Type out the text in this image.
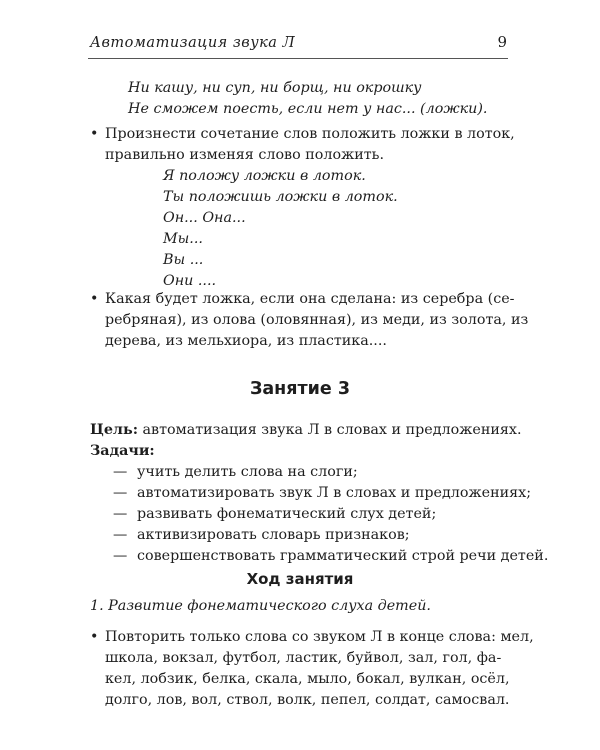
Автоматизация звука Л	9
Ни кашу, ни суп, ни борщ, ни окрошку
Не сможем поесть, если нет у нас... (ложки).
• Произнести сочетание слов положить ложки в лоток,
правильно изменяя слово положить.
Я положу ложки в лоток.
Ты положишь ложки в лоток.
Он... Она...
Мы...
Вы ...
Они ....
• Какая будет ложка, если она сделана: из серебра (се-
ребряная), из олова (оловянная), из меди, из золота, из
дерева, из мельхиора, из пластика....
Занятие 3
Цель: автоматизация звука Л в словах и предложениях.
Задачи:
— учить делить слова на слоги;
— автоматизировать звук Л в словах и предложениях;
— развивать фонематический слух детей;
— активизировать словарь признаков;
— совершенствовать грамматический строй речи детей.
Ход занятия
1. Развитие фонематического слуха детей.
• Повторить только слова со звуком Л в конце слова: мел,
школа, вокзал, футбол, ластик, буйвол, зал, гол, фа-
кел, лобзик, белка, скала, мыло, бокал, вулкан, осёл,
долго, лов, вол, ствол, волк, пепел, солдат, самосвал.
